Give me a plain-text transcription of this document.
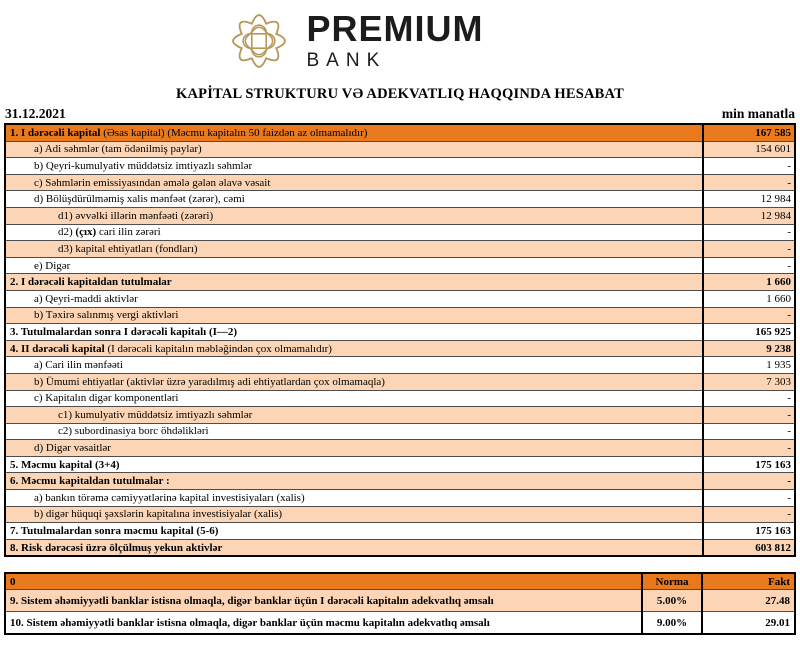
PREMIUM
BANK
KAPİTAL STRUKTURU VƏ ADEKVATLIQ HAQQINDA HESABAT
31.12.2021	min manatla
1. I dərəcəli kapital (Əsas kapital) (Məcmu kapitalın 50 faizdən az olmamalıdır)	167 585
a) Adi səhmlər (tam ödənilmiş paylar)	154 601
b) Qeyri-kumulyativ müddətsiz imtiyazlı səhmlər	-
c) Səhmlərin emissiyasından əmələ gələn əlavə vəsait	-
d) Bölüşdürülməmiş xalis mənfəət (zərər), cəmi	12 984
d1) əvvəlki illərin mənfəəti (zərəri)	12 984
d2) (çıx) cari ilin zərəri	-
d3) kapital ehtiyatları (fondları)	-
e) Digər	-
2. I dərəcəli kapitaldan tutulmalar	1 660
a) Qeyri-maddi aktivlər	1 660
b) Təxirə salınmış vergi aktivləri	-
3. Tutulmalardan sonra I dərəcəli kapitalı (I—2)	165 925
4. II dərəcəli kapital (I dərəcəli kapitalın məbləğindən çox olmamalıdır)	9 238
a) Cari ilin mənfəəti	1 935
b) Ümumi ehtiyatlar (aktivlər üzrə yaradılmış adi ehtiyatlardan çox olmamaqla)	7 303
c) Kapitalın digər komponentləri	-
c1) kumulyativ müddətsiz imtiyazlı səhmlər	-
c2) subordinasiya borc öhdəlikləri	-
d) Digər vəsaitlər	-
5. Məcmu kapital (3+4)	175 163
6. Məcmu kapitaldan tutulmalar :	-
a) bankın törəmə cəmiyyətlərinə kapital investisiyaları (xalis)	-
b) digər hüquqi şəxslərin kapitalına investisiyalar (xalis)	-
7. Tutulmalardan sonra məcmu kapital (5-6)	175 163
8. Risk dərəcəsi üzrə ölçülmuş yekun aktivlər	603 812
0	Norma	Fakt
9. Sistem əhəmiyyətli banklar istisna olmaqla, digər banklar üçün I dərəcəli kapitalın adekvatlıq əmsalı	5.00%	27.48
10. Sistem əhəmiyyətli banklar istisna olmaqla, digər banklar üçün məcmu kapitalın adekvatlıq əmsalı	9.00%	29.01
